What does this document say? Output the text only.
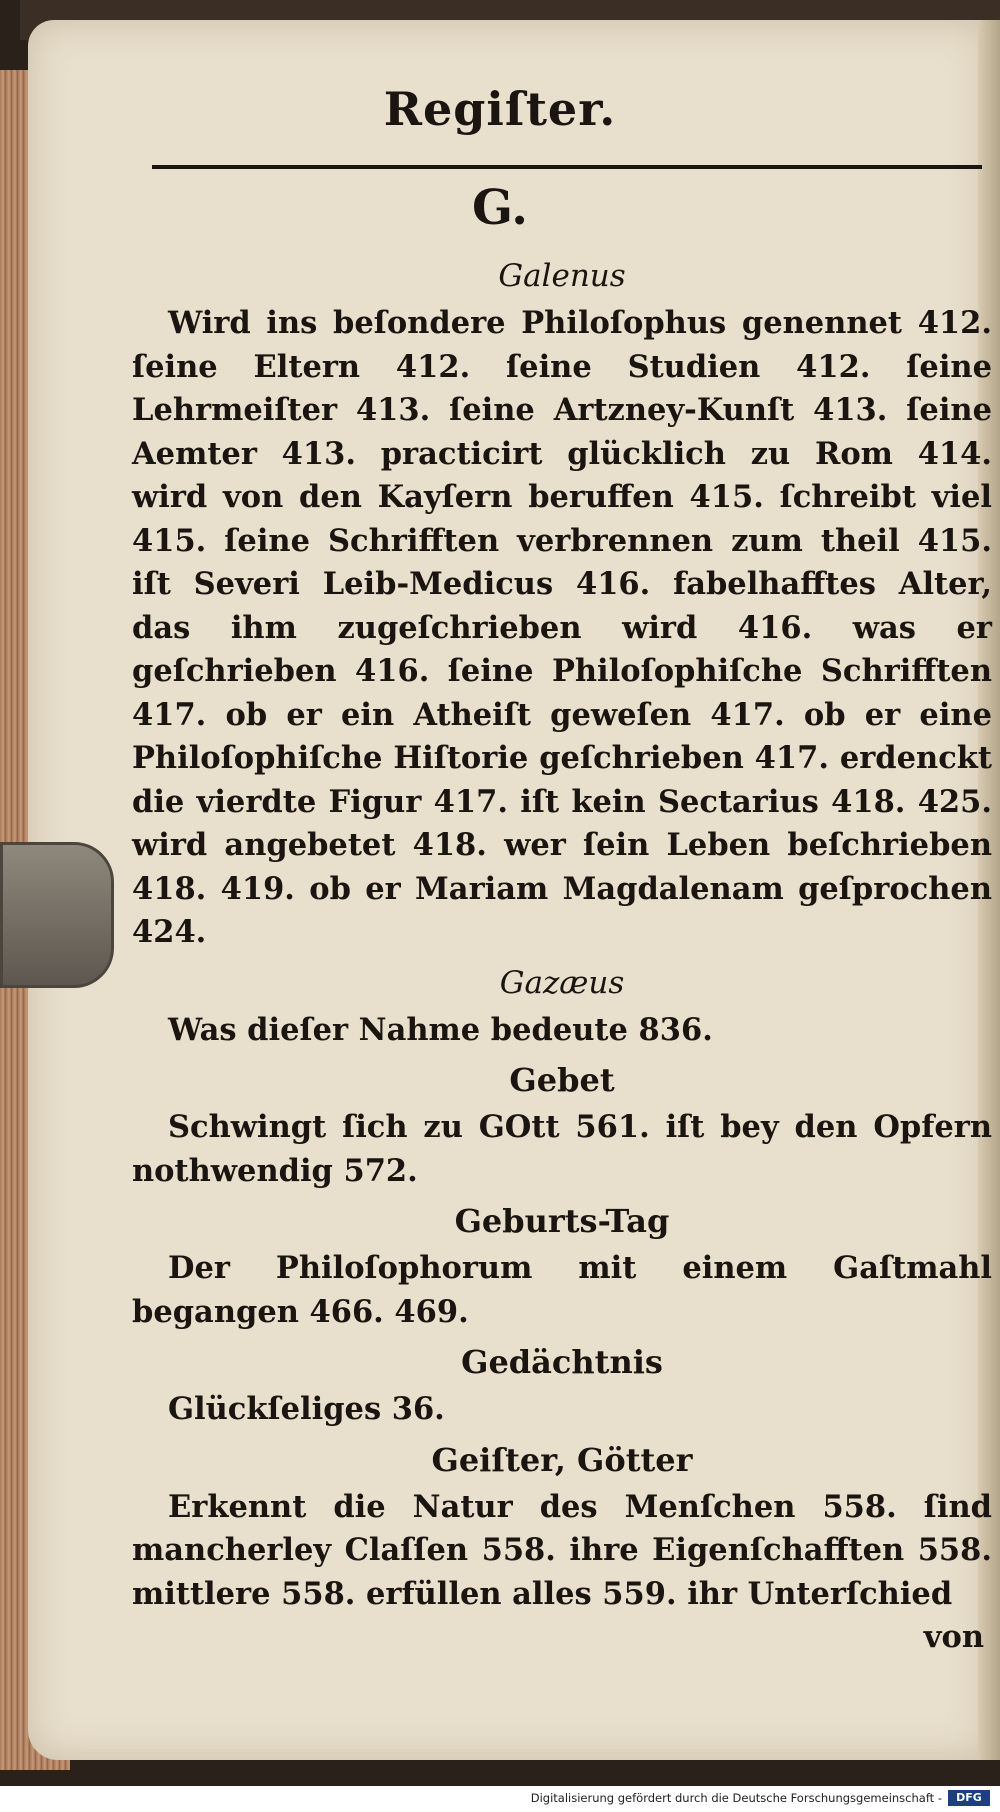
Regiſter.
G.
Galenus

Wird ins beſondere Philoſophus genennet 412. ſeine Eltern 412. ſeine Studien 412. ſeine Lehrmeiſter 413. ſeine Artzney-Kunſt 413. ſeine Aemter 413. practicirt glücklich zu Rom 414. wird von den Kayſern beruffen 415. ſchreibt viel 415. ſeine Schrifften verbrennen zum theil 415. iſt Severi Leib-Medicus 416. fabelhafftes Alter, das ihm zugeſchrieben wird 416. was er geſchrieben 416. ſeine Philoſophiſche Schrifften 417. ob er ein Atheiſt geweſen 417. ob er eine Philoſophiſche Hiſtorie geſchrieben 417. erdenckt die vierdte Figur 417. iſt kein Sectarius 418. 425. wird angebetet 418. wer ſein Leben beſchrieben 418. 419. ob er Mariam Magdalenam geſprochen 424.

Gazæus

Was dieſer Nahme bedeute 836.

Gebet

Schwingt ſich zu GOtt 561. iſt bey den Opfern nothwendig 572.

Geburts-Tag

Der Philoſophorum mit einem Gaſtmahl begangen 466. 469.

Gedächtnis

Glückſeliges 36.

Geiſter, Götter

Erkennt die Natur des Menſchen 558. ſind mancherley Claſſen 558. ihre Eigenſchafften 558. mittlere 558. erfüllen alles 559. ihr Unterſchied

von
Digitalisierung gefördert durch die Deutsche Forschungsgemeinschaft -	DFG
